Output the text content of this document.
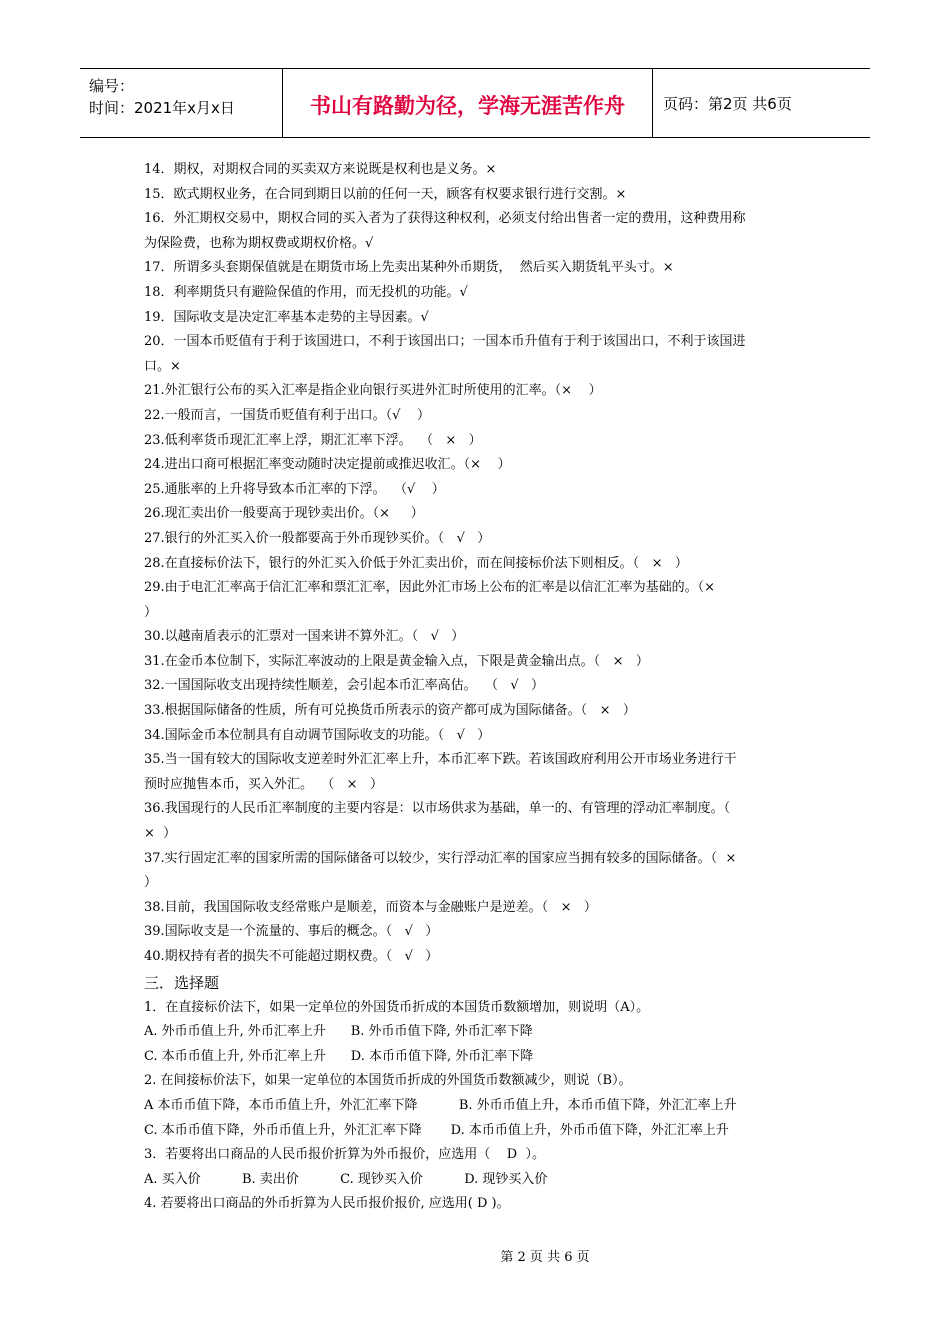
编号：
时间：2021年x月x日	书山有路勤为径，学海无涯苦作舟	页码：第2页 共6页
14．期权，对期权合同的买卖双方来说既是权利也是义务。×
15．欧式期权业务，在合同到期日以前的任何一天，顾客有权要求银行进行交割。×
16．外汇期权交易中，期权合同的买入者为了获得这种权利，必须支付给出售者一定的费用，这种费用称
为保险费，也称为期权费或期权价格。√
17．所谓多头套期保值就是在期货市场上先卖出某种外币期货，  然后买入期货轧平头寸。×
18．利率期货只有避险保值的作用，而无投机的功能。√
19．国际收支是决定汇率基本走势的主导因素。√
20．一国本币贬值有于利于该国进口，不利于该国出口；一国本币升值有于利于该国出口，不利于该国进
口。×
21.外汇银行公布的买入汇率是指企业向银行买进外汇时所使用的汇率。（×    ）
22.一般而言，一国货币贬值有利于出口。（√    ）
23.低利率货币现汇汇率上浮，期汇汇率下浮。  （   ×   ）
24.进出口商可根据汇率变动随时决定提前或推迟收汇。（×    ）
25.通胀率的上升将导致本币汇率的下浮。  （√    ）
26.现汇卖出价一般要高于现钞卖出价。（×     ）
27.银行的外汇买入价一般都要高于外币现钞买价。（   √   ）
28.在直接标价法下，银行的外汇买入价低于外汇卖出价，而在间接标价法下则相反。（   ×   ）
29.由于电汇汇率高于信汇汇率和票汇汇率，因此外汇市场上公布的汇率是以信汇汇率为基础的。（×
）
30.以越南盾表示的汇票对一国来讲不算外汇。（   √   ）
31.在金币本位制下，实际汇率波动的上限是黄金输入点，下限是黄金输出点。（   ×   ）
32.一国国际收支出现持续性顺差，会引起本币汇率高估。  （   √   ）
33.根据国际储备的性质，所有可兑换货币所表示的资产都可成为国际储备。（   ×   ）
34.国际金币本位制具有自动调节国际收支的功能。（   √   ）
35.当一国有较大的国际收支逆差时外汇汇率上升，本币汇率下跌。若该国政府利用公开市场业务进行干
预时应抛售本币，买入外汇。  （   ×   ）
36.我国现行的人民币汇率制度的主要内容是：以市场供求为基础，单一的、有管理的浮动汇率制度。（
×  ）
37.实行固定汇率的国家所需的国际储备可以较少，实行浮动汇率的国家应当拥有较多的国际储备。（  ×
）
38.目前，我国国际收支经常账户是顺差，而资本与金融账户是逆差。（   ×   ）
39.国际收支是一个流量的、事后的概念。（   √   ）
40.期权持有者的损失不可能超过期权费。（   √   ）
三．选择题
1．在直接标价法下，如果一定单位的外国货币折成的本国货币数额增加，则说明（A）。
A. 外币币值上升, 外币汇率上升      B. 外币币值下降, 外币汇率下降
C. 本币币值上升, 外币汇率上升      D. 本币币值下降, 外币汇率下降
2. 在间接标价法下，如果一定单位的本国货币折成的外国货币数额减少，则说（B）。
A 本币币值下降，本币币值上升，外汇汇率下降          B. 外币币值上升，本币币值下降，外汇汇率上升
C. 本币币值下降，外币币值上升，外汇汇率下降       D. 本币币值上升，外币币值下降，外汇汇率上升
3．若要将出口商品的人民币报价折算为外币报价，应选用（    D  ）。
A. 买入价          B. 卖出价          C. 现钞买入价          D. 现钞买入价
4. 若要将出口商品的外币折算为人民币报价报价, 应选用( D )。
第 2 页 共 6 页
